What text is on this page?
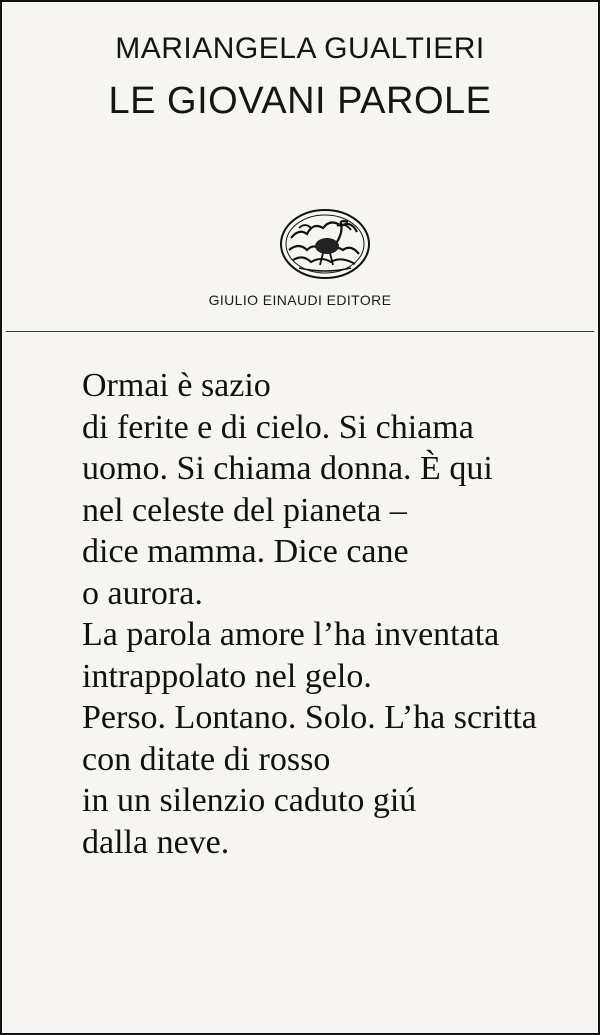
MARIANGELA GUALTIERI
LE GIOVANI PAROLE
GIULIO EINAUDI EDITORE
Ormai è sazio
di ferite e di cielo. Si chiama
uomo. Si chiama donna. È qui
nel celeste del pianeta –
dice mamma. Dice cane
o aurora.
La parola amore l’ha inventata
intrappolato nel gelo.
Perso. Lontano. Solo. L’ha scritta
con ditate di rosso
in un silenzio caduto giú
dalla neve.
